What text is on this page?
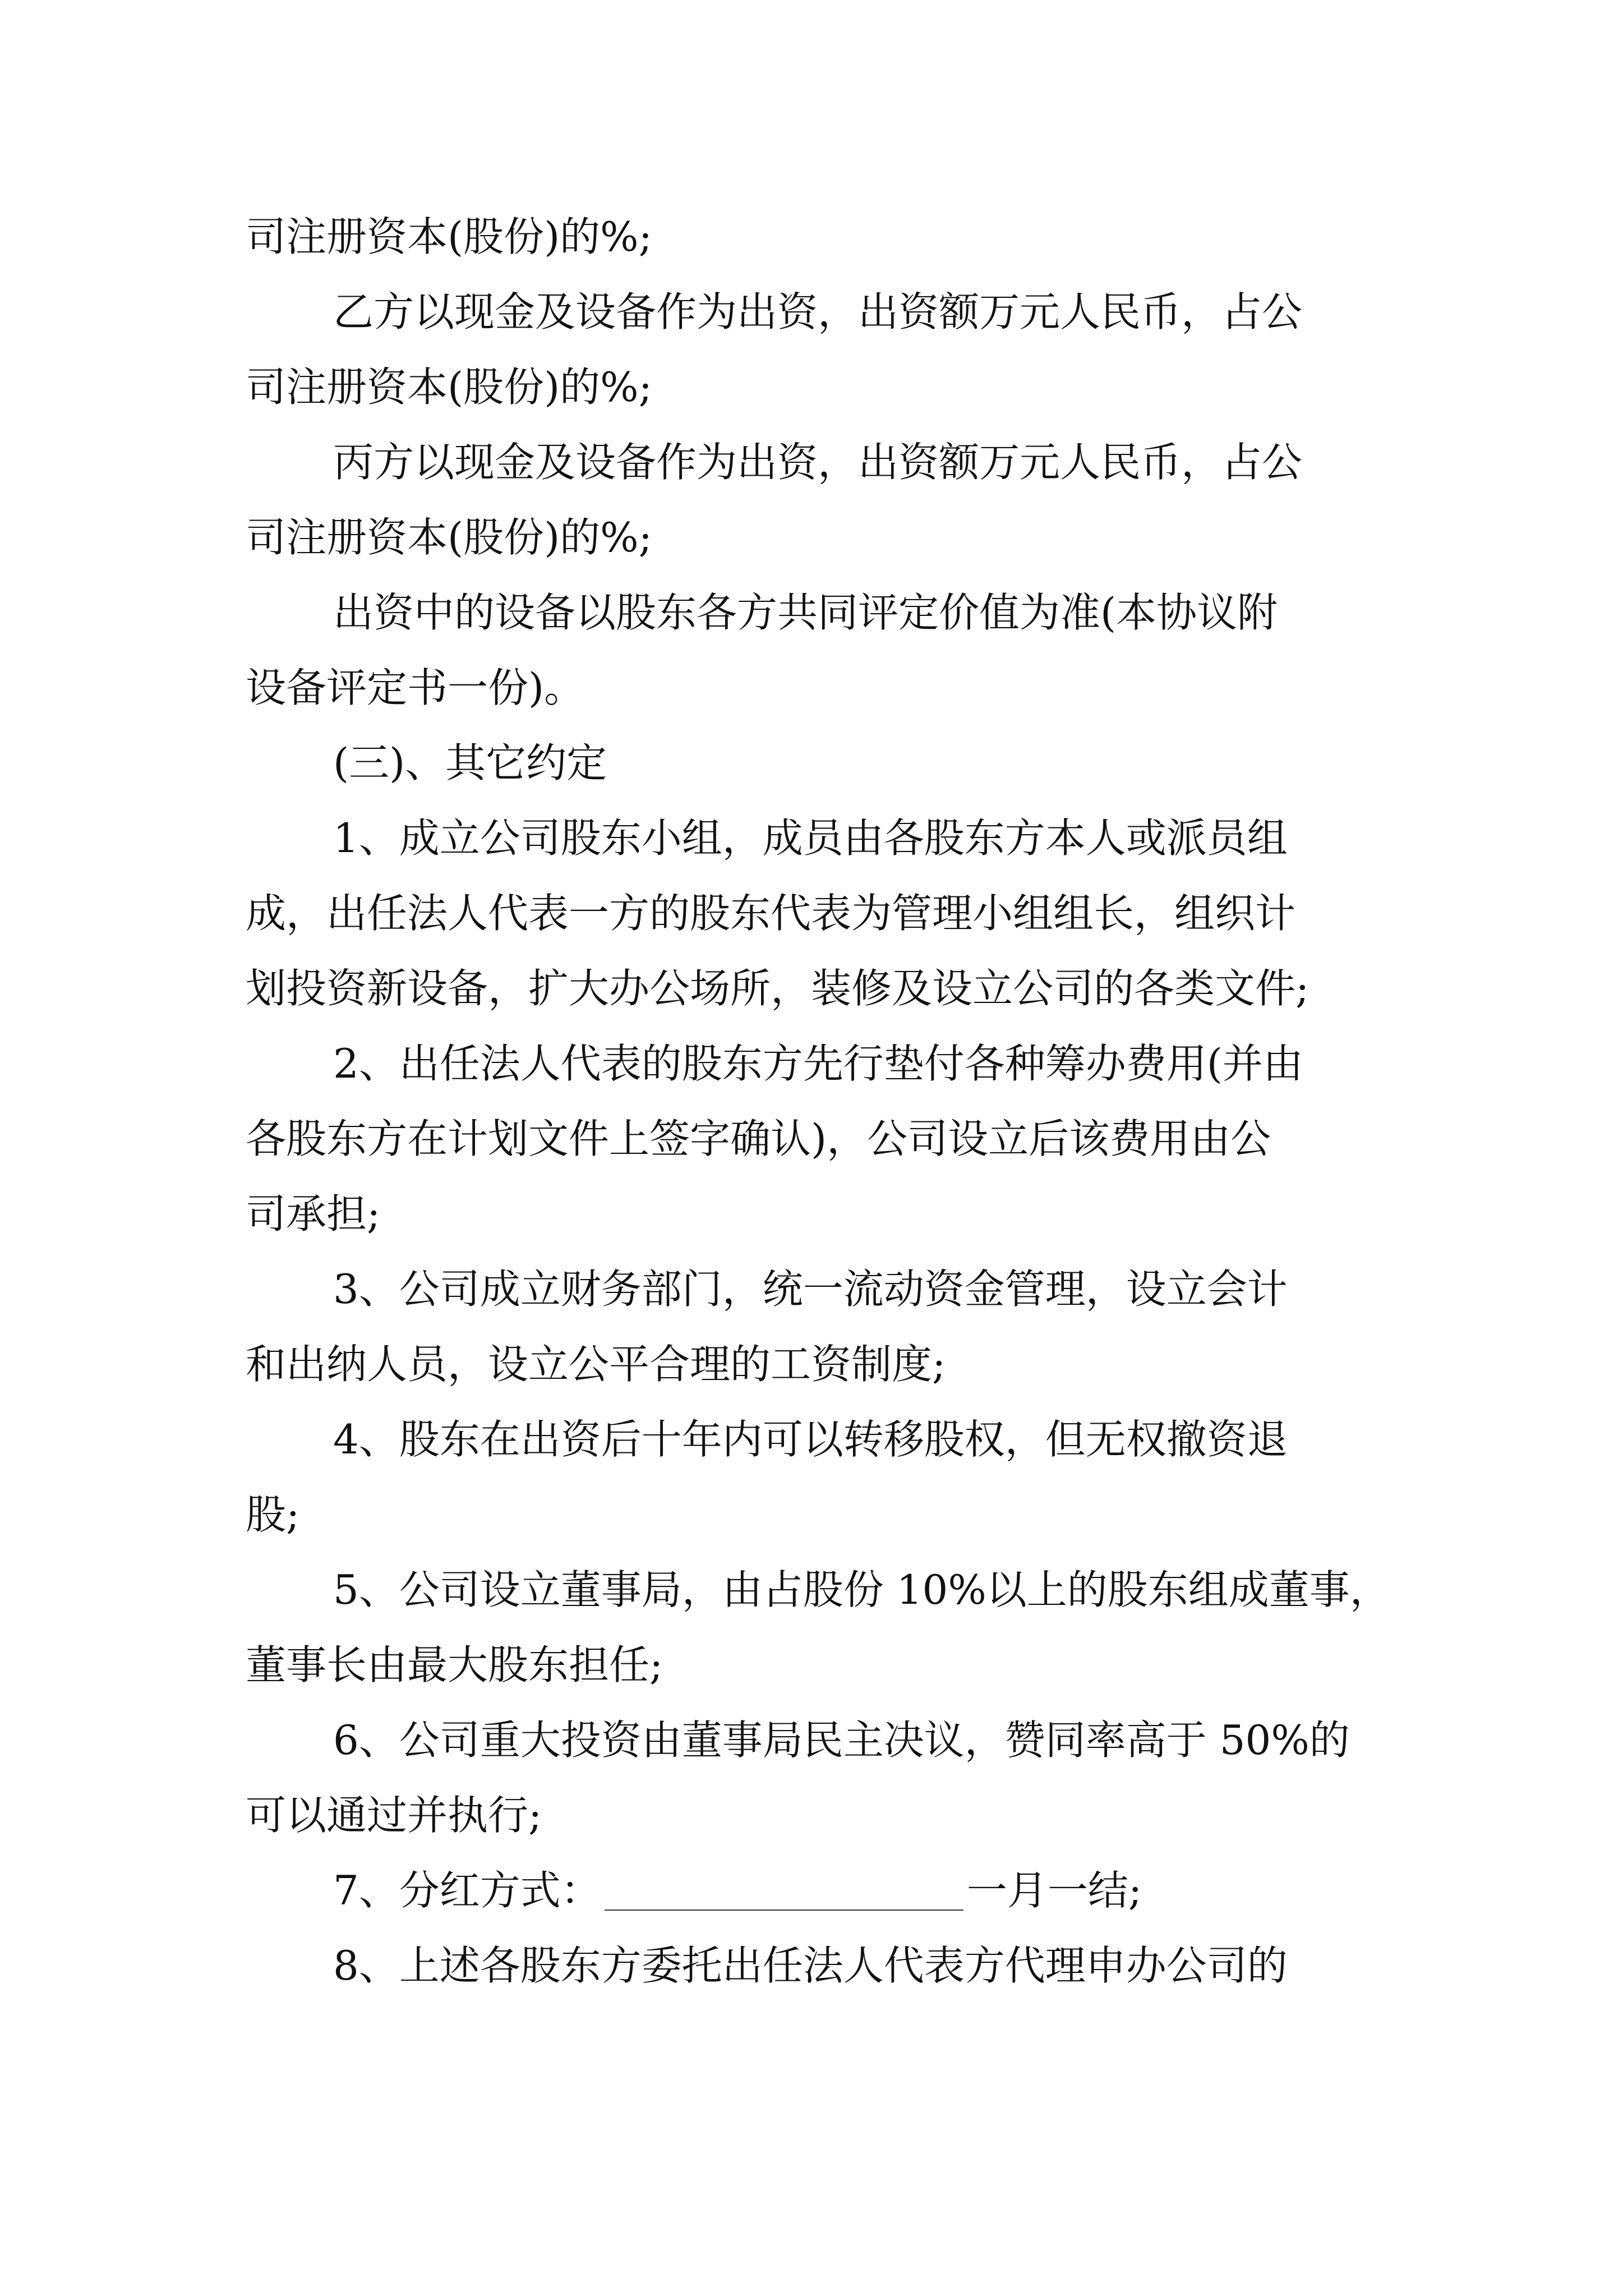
司注册资本(股份)的%;
乙方以现金及设备作为出资，出资额万元人民币，占公
司注册资本(股份)的%;
丙方以现金及设备作为出资，出资额万元人民币，占公
司注册资本(股份)的%;
出资中的设备以股东各方共同评定价值为准(本协议附
设备评定书一份)。
(三)、其它约定
1、成立公司股东小组，成员由各股东方本人或派员组
成，出任法人代表一方的股东代表为管理小组组长，组织计
划投资新设备，扩大办公场所，装修及设立公司的各类文件;
2、出任法人代表的股东方先行垫付各种筹办费用(并由
各股东方在计划文件上签字确认)，公司设立后该费用由公
司承担;
3、公司成立财务部门，统一流动资金管理，设立会计
和出纳人员，设立公平合理的工资制度;
4、股东在出资后十年内可以转移股权，但无权撤资退
股;
5、公司设立董事局，由占股份 10%以上的股东组成董事，
董事长由最大股东担任;
6、公司重大投资由董事局民主决议，赞同率高于 50%的
可以通过并执行;
7、分红方式：	一月一结;
8、上述各股东方委托出任法人代表方代理申办公司的
